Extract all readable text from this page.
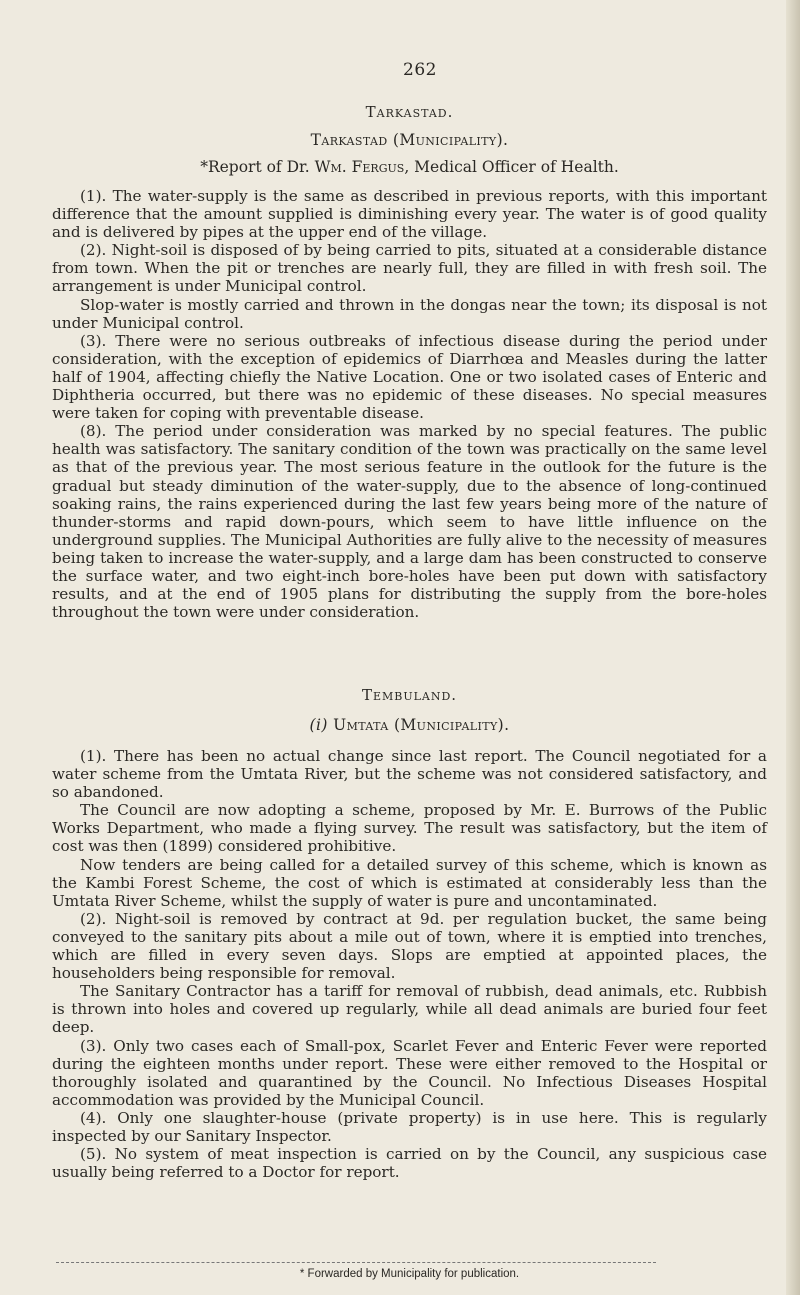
262
Tarkastad.
Tarkastad (Municipality).
*Report of Dr. Wm. Fergus, Medical Officer of Health.

(1). The water-supply is the same as described in previous reports, with this important difference that the amount supplied is diminishing every year. The water is of good quality and is delivered by pipes at the upper end of the village.

(2). Night-soil is disposed of by being carried to pits, situated at a considerable distance from town. When the pit or trenches are nearly full, they are filled in with fresh soil. The arrangement is under Municipal control.

Slop-water is mostly carried and thrown in the dongas near the town; its disposal is not under Municipal control.

(3). There were no serious outbreaks of infectious disease during the period under consideration, with the exception of epidemics of Diarrhœa and Measles during the latter half of 1904, affecting chiefly the Native Location. One or two isolated cases of Enteric and Diphtheria occurred, but there was no epidemic of these diseases. No special measures were taken for coping with preventable disease.

(8). The period under consideration was marked by no special features. The public health was satisfactory. The sanitary condition of the town was practically on the same level as that of the previous year. The most serious feature in the outlook for the future is the gradual but steady diminution of the water-supply, due to the absence of long-continued soaking rains, the rains experienced during the last few years being more of the nature of thunder-storms and rapid down-pours, which seem to have little influence on the underground supplies. The Municipal Authorities are fully alive to the necessity of measures being taken to increase the water-supply, and a large dam has been constructed to conserve the surface water, and two eight-inch bore-holes have been put down with satisfactory results, and at the end of 1905 plans for distributing the supply from the bore-holes throughout the town were under consideration.

Tembuland.
(i) Umtata (Municipality).

(1). There has been no actual change since last report. The Council negotiated for a water scheme from the Umtata River, but the scheme was not considered satisfactory, and so abandoned.

The Council are now adopting a scheme, proposed by Mr. E. Burrows of the Public Works Department, who made a flying survey. The result was satisfactory, but the item of cost was then (1899) considered prohibitive.

Now tenders are being called for a detailed survey of this scheme, which is known as the Kambi Forest Scheme, the cost of which is estimated at considerably less than the Umtata River Scheme, whilst the supply of water is pure and uncontaminated.

(2). Night-soil is removed by contract at 9d. per regulation bucket, the same being conveyed to the sanitary pits about a mile out of town, where it is emptied into trenches, which are filled in every seven days. Slops are emptied at appointed places, the householders being responsible for removal.

The Sanitary Contractor has a tariff for removal of rubbish, dead animals, etc. Rubbish is thrown into holes and covered up regularly, while all dead animals are buried four feet deep.

(3). Only two cases each of Small-pox, Scarlet Fever and Enteric Fever were reported during the eighteen months under report. These were either removed to the Hospital or thoroughly isolated and quarantined by the Council. No Infectious Diseases Hospital accommodation was provided by the Municipal Council.

(4). Only one slaughter-house (private property) is in use here. This is regularly inspected by our Sanitary Inspector.

(5). No system of meat inspection is carried on by the Council, any suspicious case usually being referred to a Doctor for report.

* Forwarded by Municipality for publication.
